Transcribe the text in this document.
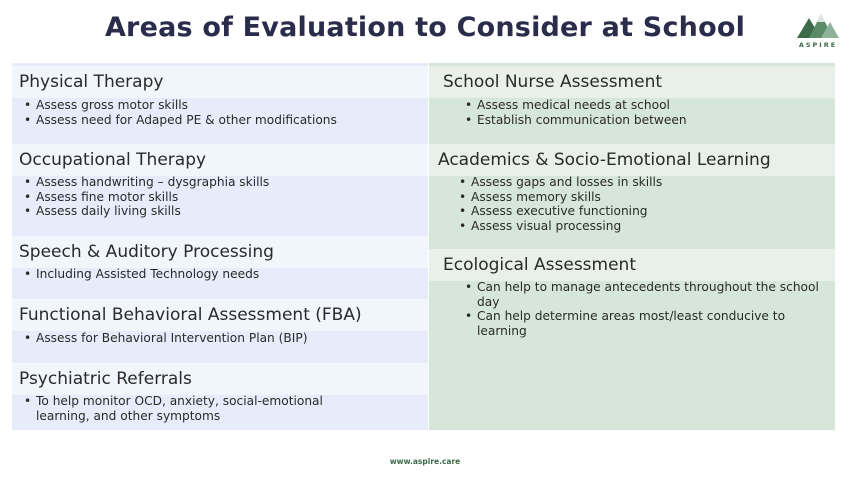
Areas of Evaluation to Consider at School
ASPIRE
Physical Therapy
• Assess gross motor skills
• Assess need for Adaped PE & other modifications
Occupational Therapy
• Assess handwriting – dysgraphia skills
• Assess fine motor skills
• Assess daily living skills
Speech & Auditory Processing
• Including Assisted Technology needs
Functional Behavioral Assessment (FBA)
• Assess for Behavioral Intervention Plan (BIP)
Psychiatric Referrals
• To help monitor OCD, anxiety, social-emotional learning, and other symptoms
School Nurse Assessment
• Assess medical needs at school
• Establish communication between
Academics & Socio-Emotional Learning
• Assess gaps and losses in skills
• Assess memory skills
• Assess executive functioning
• Assess visual processing
Ecological Assessment
• Can help to manage antecedents throughout the school day
• Can help determine areas most/least conducive to learning
www.aspire.care
